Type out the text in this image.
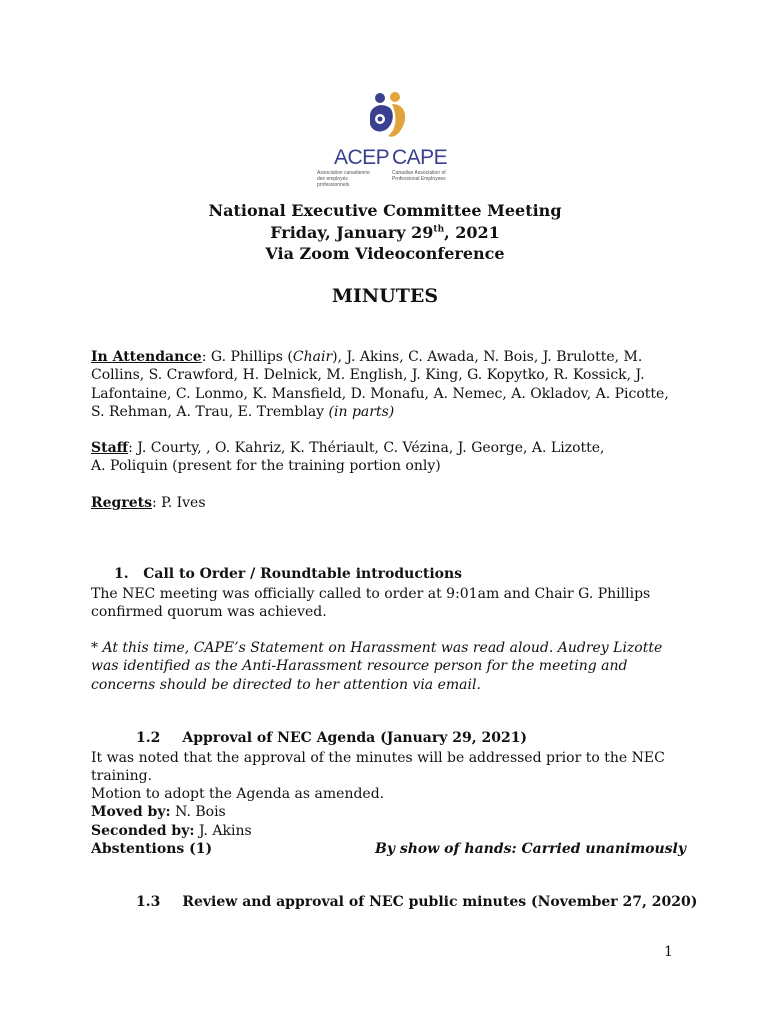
ACEP CAPE
Association canadienne des employés professionnels
Canadian Association of Professional Employees
National Executive Committee Meeting
Friday, January 29th, 2021
Via Zoom Videoconference
MINUTES
In Attendance: G. Phillips (Chair), J. Akins, C. Awada, N. Bois, J. Brulotte, M. Collins, S. Crawford, H. Delnick, M. English, J. King, G. Kopytko, R. Kossick, J. Lafontaine, C. Lonmo, K. Mansfield, D. Monafu, A. Nemec, A. Okladov, A. Picotte, S. Rehman, A. Trau, E. Tremblay (in parts)
Staff: J. Courty, , O. Kahriz, K. Thériault, C. Vézina, J. George, A. Lizotte,
A. Poliquin (present for the training portion only)
Regrets: P. Ives
1. Call to Order / Roundtable introductions
The NEC meeting was officially called to order at 9:01am and Chair G. Phillips confirmed quorum was achieved.
* At this time, CAPE’s Statement on Harassment was read aloud. Audrey Lizotte was identified as the Anti-Harassment resource person for the meeting and concerns should be directed to her attention via email.
1.2 Approval of NEC Agenda (January 29, 2021)
It was noted that the approval of the minutes will be addressed prior to the NEC training.
Motion to adopt the Agenda as amended.
Moved by: N. Bois
Seconded by: J. Akins
Abstentions (1)	By show of hands: Carried unanimously
1.3 Review and approval of NEC public minutes (November 27, 2020)
1
